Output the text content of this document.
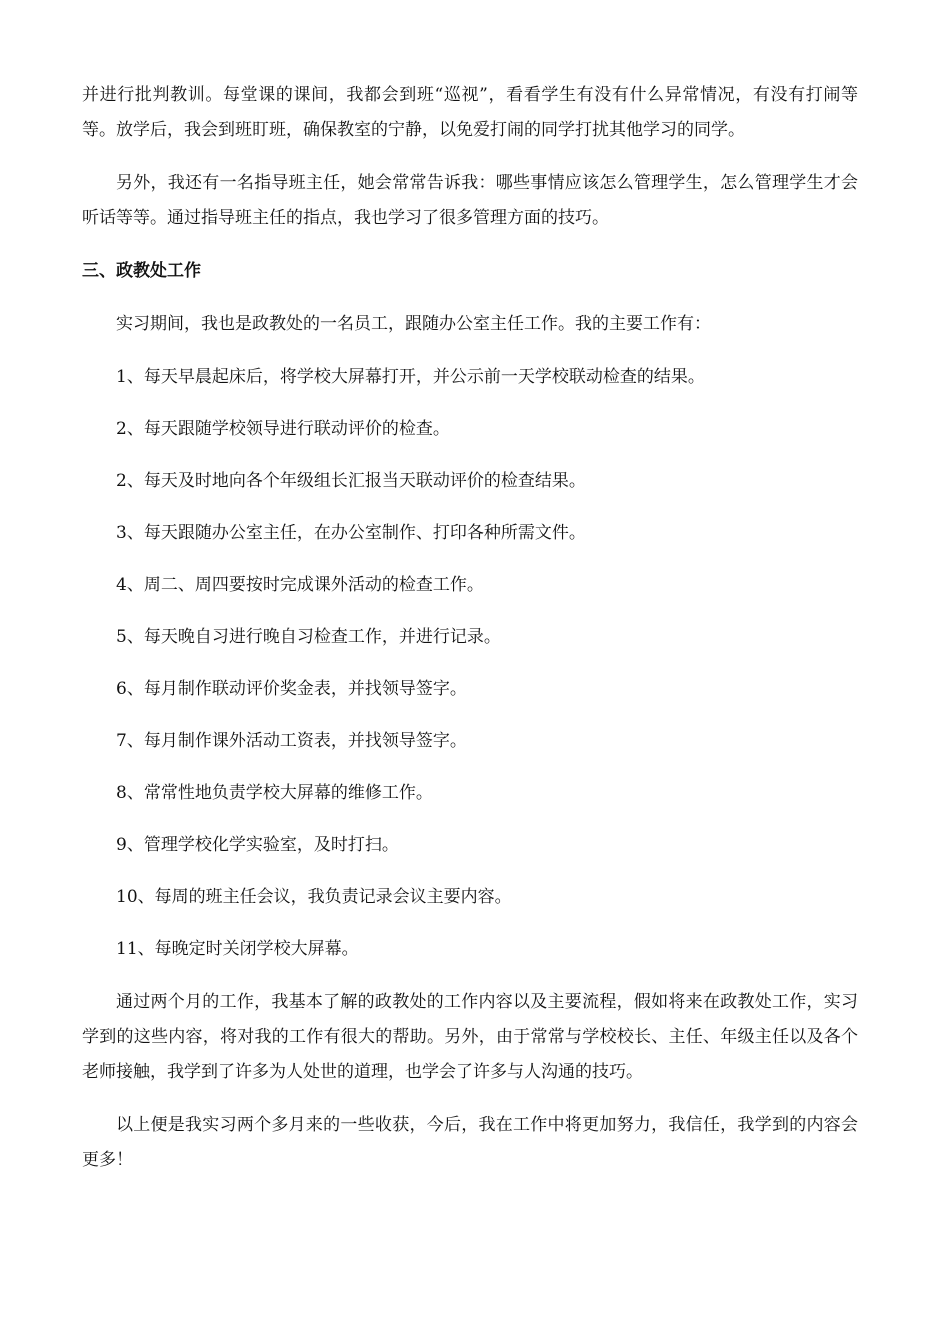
并进行批判教训。每堂课的课间，我都会到班“巡视”，看看学生有没有什么异常情况，有没有打闹等等。放学后，我会到班盯班，确保教室的宁静，以免爱打闹的同学打扰其他学习的同学。

另外，我还有一名指导班主任，她会常常告诉我：哪些事情应该怎么管理学生，怎么管理学生才会听话等等。通过指导班主任的指点，我也学习了很多管理方面的技巧。

三、政教处工作

实习期间，我也是政教处的一名员工，跟随办公室主任工作。我的主要工作有：

1、每天早晨起床后，将学校大屏幕打开，并公示前一天学校联动检查的结果。
2、每天跟随学校领导进行联动评价的检查。
2、每天及时地向各个年级组长汇报当天联动评价的检查结果。
3、每天跟随办公室主任，在办公室制作、打印各种所需文件。
4、周二、周四要按时完成课外活动的检查工作。
5、每天晚自习进行晚自习检查工作，并进行记录。
6、每月制作联动评价奖金表，并找领导签字。
7、每月制作课外活动工资表，并找领导签字。
8、常常性地负责学校大屏幕的维修工作。
9、管理学校化学实验室，及时打扫。
10、每周的班主任会议，我负责记录会议主要内容。
11、每晚定时关闭学校大屏幕。

通过两个月的工作，我基本了解的政教处的工作内容以及主要流程，假如将来在政教处工作，实习学到的这些内容，将对我的工作有很大的帮助。另外，由于常常与学校校长、主任、年级主任以及各个老师接触，我学到了许多为人处世的道理，也学会了许多与人沟通的技巧。

以上便是我实习两个多月来的一些收获，今后，我在工作中将更加努力，我信任，我学到的内容会更多！
